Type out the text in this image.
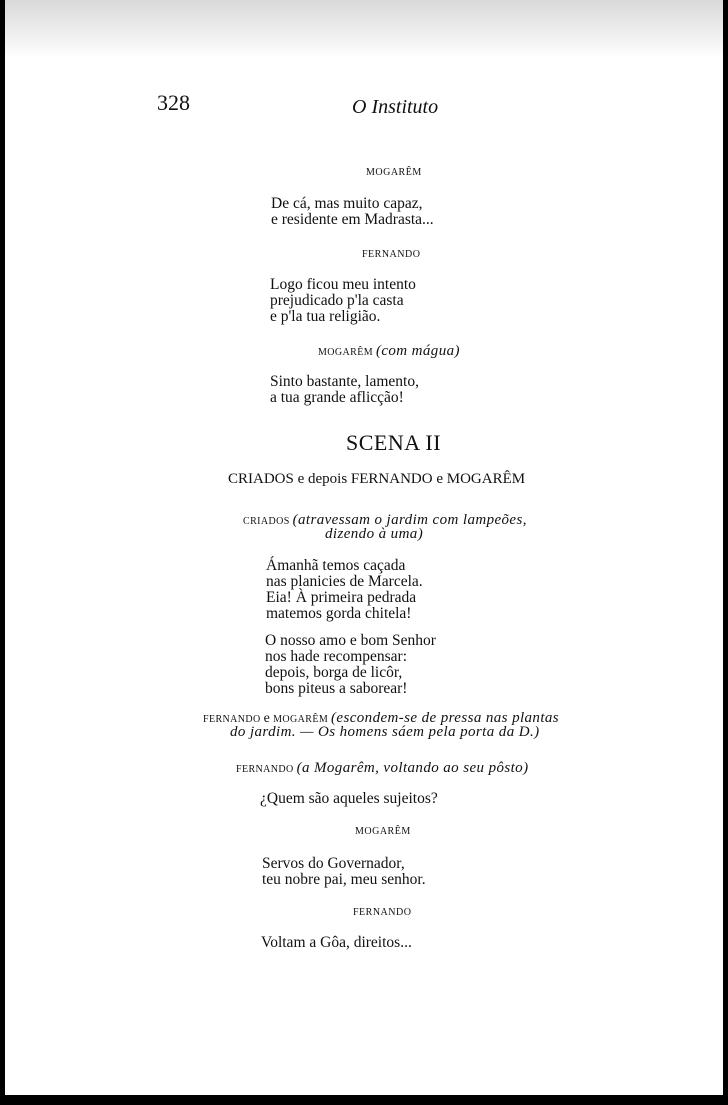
328	O Instituto
MOGARÊM
De cá, mas muito capaz,
e residente em Madrasta...
FERNANDO
Logo ficou meu intento
prejudicado p'la casta
e p'la tua religião.
MOGARÊM (com mágua)
Sinto bastante, lamento,
a tua grande aflicção!
SCENA II
CRIADOS e depois FERNANDO e MOGARÊM
CRIADOS (atravessam o jardim com lampeões,
dizendo à uma)
Ámanhã temos caçada
nas planicies de Marcela.
Eia! À primeira pedrada
matemos gorda chitela!
O nosso amo e bom Senhor
nos hade recompensar:
depois, borga de licôr,
bons piteus a saborear!
FERNANDO e MOGARÊM (escondem-se de pressa nas plantas
do jardim. — Os homens sáem pela porta da D.)
FERNANDO (a Mogarêm, voltando ao seu pôsto)
¿Quem são aqueles sujeitos?
MOGARÊM
Servos do Governador,
teu nobre pai, meu senhor.
FERNANDO
Voltam a Gôa, direitos...
